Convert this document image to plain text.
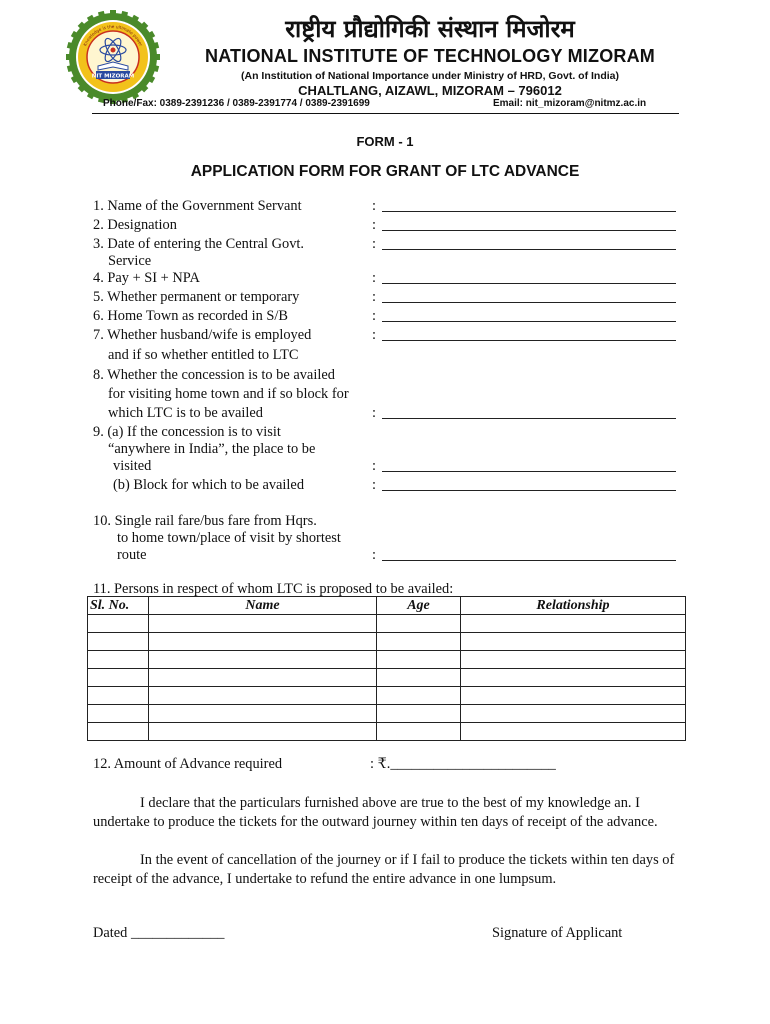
NIT MIZORAM
Knowledge is the ultimate power
राष्ट्रीय प्रौद्योगिकी संस्थान मिजोरम
NATIONAL INSTITUTE OF TECHNOLOGY MIZORAM
(An Institution of National Importance under Ministry of HRD, Govt. of India)
CHALTLANG, AIZAWL, MIZORAM – 796012
Phone/Fax: 0389-2391236 / 0389-2391774 / 0389-2391699	Email: nit_mizoram@nitmz.ac.in
FORM - 1
APPLICATION FORM FOR GRANT OF LTC ADVANCE
1. Name of the Government Servant	:
2. Designation	:
3. Date of entering the Central Govt.
Service
:
4. Pay + SI + NPA	:
5. Whether permanent or temporary	:
6. Home Town as recorded in S/B	:
7. Whether husband/wife is employed
and if so whether entitled to LTC
:
8. Whether the concession is to be availed
for visiting home town and if so block for
which LTC is to be availed	:
9. (a) If the concession is to visit
“anywhere in India”, the place to be
visited	:
(b) Block for which to be availed	:
10. Single rail fare/bus fare from Hqrs.
to home town/place of visit by shortest
route	:
11. Persons in respect of whom LTC is proposed to be availed:
Sl. No.	Name	Age	Relationship

12. Amount of Advance required	: ₹._______________________
I declare that the particulars furnished above are true to the best of my knowledge an. I undertake to produce the tickets for the outward journey within ten days of receipt of the advance.
In the event of cancellation of the journey or if I fail to produce the tickets within ten days of receipt of the advance, I undertake to refund the entire advance in one lumpsum.
Dated _____________	Signature of Applicant
